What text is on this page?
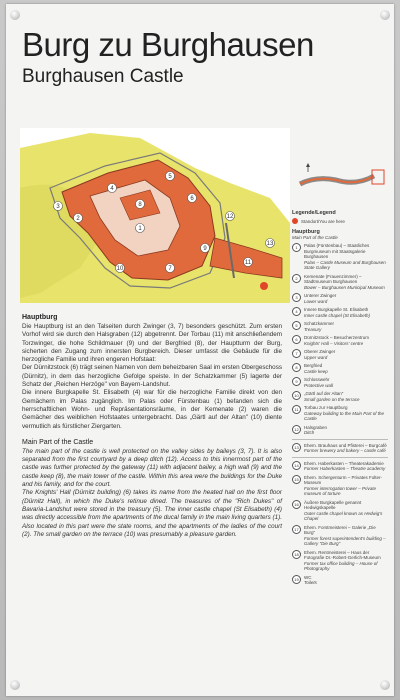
Burg zu Burghausen
Burghausen Castle
1
2
3
4
5
6
7
8
9
10
11
12
13
Legende/Legend
Standort/You are here
Hauptburg
Main Part of the Castle
1	Palas (Fürstenbau) – Staatliches Burgmuseum mit Staatsgalerie Burghausen
Palas – Castle Museum and Burghausen State Gallery
2	Kemenate (Frauenzimmer) – Stadtmuseum Burghausen
Bower – Burghausen Municipal Museum
3	Unterer Zwinger
Lower ward
4	Innere Burgkapelle St. Elisabeth
Inner castle chapel (St Elisabeth)
5	Schatzkammer
Treasury
6	Dürnitzstock – Besucherzentrum
Knights' Hall – Visitors' centre
7	Oberer Zwinger
Upper ward
8	Bergfried
Castle keep
9	Schlosswehr
Protective wall
10	„Gärtl auf der Altan"
Small garden on the terrace
11	Torbau zur Hauptburg
Gateway building to the Main Part of the Castle
12	Halsgraben
Ditch
13	Ehem. Brauhaus und Pfisterei – Burgcafé
Former brewery and bakery – castle café
14	Ehem. Haberkasten – Theaterakademie
Former Haberkasten – Theatre academy
15	Ehem. Schergenturm – Privates Folter-Museum
Former interrogation tower – Private museum of torture
16	Äußere Burgkapelle genannt Hedwigskapelle
Outer castle chapel known as Hedwig's Chapel
17	Ehem. Forstmeisterei – Galerie „Die Burg"
Former forest superintendent's building – Gallery "Die Burg"
18	Ehem. Rentmeisterei – Haus der Fotografie Dr.-Robert-Gerlich-Museum
Former tax office building – House of Photography
19	WC
Toilets
Hauptburg

Die Hauptburg ist an den Talseiten durch Zwinger (3, 7) besonders geschützt. Zum ersten Vorhof wird sie durch den Halsgraben (12) abgetrennt. Der Torbau (11) mit anschließendem Torzwinger, die hohe Schildmauer (9) und der Bergfried (8), der Hauptturm der Burg, sicherten den Zugang zum innersten Burgbereich. Dieser umfasst die Gebäude für die herzogliche Familie und ihren engeren Hofstaat:

Der Dürnitzstock (6) trägt seinen Namen von dem beheizbaren Saal im ersten Obergeschoss (Dürnitz), in dem das herzogliche Gefolge speiste. In der Schatzkammer (5) lagerte der Schatz der „Reichen Herzöge" von Bayern-Landshut.

Die innere Burgkapelle St. Elisabeth (4) war für die herzogliche Familie direkt von den Gemächern im Palas zugänglich. Im Palas oder Fürstenbau (1) befanden sich die herrschaftlichen Wohn- und Repräsentationsräume, in der Kemenate (2) waren die Gemächer des weiblichen Hofstaates untergebracht. Das „Gärtl auf der Altan" (10) diente vermutlich als fürstlicher Ziergarten.

Main Part of the Castle

The main part of the castle is well protected on the valley sides by baileys (3, 7). It is also separated from the first courtyard by a deep ditch (12). Access to this innermost part of the castle was further protected by the gateway (11) with adjacent bailey, a high wall (9) and the castle keep (8), the main tower of the castle. Within this area were the buildings for the Duke and his family, and for the court.

The Knights' Hall (Dürnitz building) (6) takes its name from the heated hall on the first floor (Dürnitz Hall), in which the Duke's retinue dined. The treasures of the "Rich Dukes" of Bavaria-Landshut were stored in the treasury (5). The inner castle chapel (St Elisabeth) (4) was directly accessible from the apartments of the ducal family in the main living quarters (1). Also located in this part were the state rooms, and the apartments of the ladies of the court (2). The small garden on the terrace (10) was presumably a pleasure garden.
